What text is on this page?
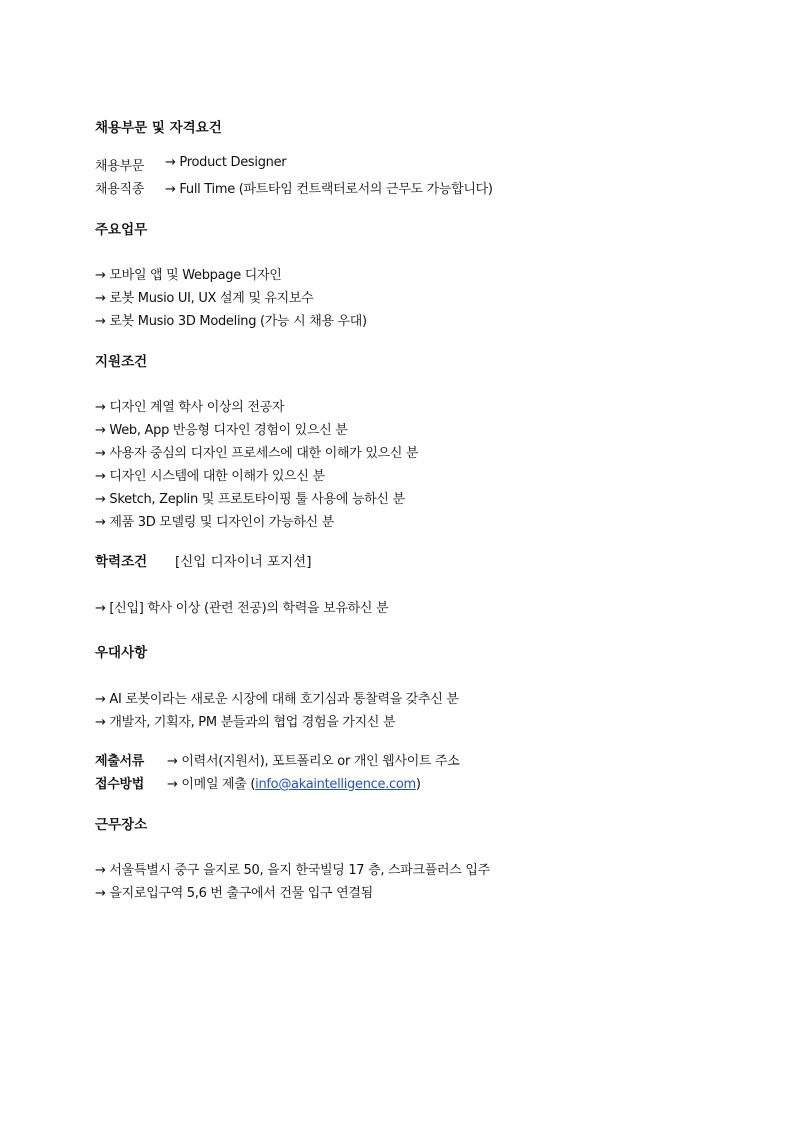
채용부문 및 자격요건
채용부문 → Product Designer
채용직종 → Full Time (파트타임 컨트랙터로서의 근무도 가능합니다)
주요업무
→ 모바일 앱 및 Webpage 디자인
→ 로봇 Musio UI, UX 설계 및 유지보수
→ 로봇 Musio 3D Modeling (가능 시 채용 우대)
지원조건
→ 디자인 계열 학사 이상의 전공자
→ Web, App 반응형 디자인 경험이 있으신 분
→ 사용자 중심의 디자인 프로세스에 대한 이해가 있으신 분
→ 디자인 시스템에 대한 이해가 있으신 분
→ Sketch, Zeplin 및 프로토타이핑 툴 사용에 능하신 분
→ 제품 3D 모델링 및 디자인이 가능하신 분
학력조건 [신입 디자이너 포지션]
→ [신입] 학사 이상 (관련 전공)의 학력을 보유하신 분
우대사항
→ AI 로봇이라는 새로운 시장에 대해 호기심과 통찰력을 갖추신 분
→ 개발자, 기획자, PM 분들과의 협업 경험을 가지신 분
제출서류 → 이력서(지원서), 포트폴리오 or 개인 웹사이트 주소
접수방법 → 이메일 제출 (info@akaintelligence.com)
근무장소
→ 서울특별시 중구 을지로 50, 을지 한국빌딩 17 층, 스파크플러스 입주
→ 을지로입구역 5,6 번 출구에서 건물 입구 연결됨
